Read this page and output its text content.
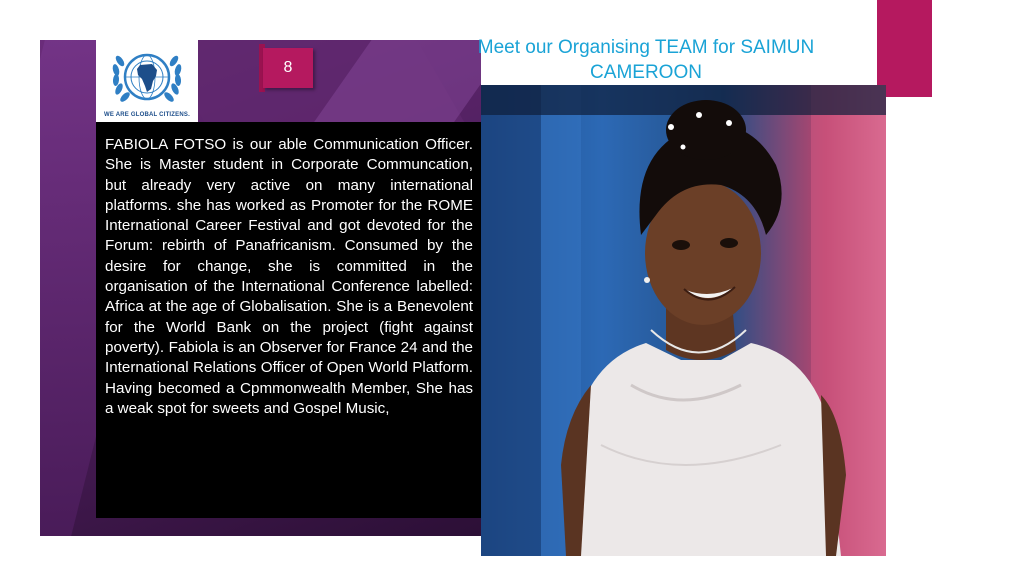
WE ARE GLOBAL CITIZENS.
8
Meet our Organising TEAM for SAIMUN CAMEROON

FABIOLA FOTSO is our able Communication Officer. She is Master student in Corporate Communcation, but already very active on many international platforms. she has worked as Promoter for the ROME International Career Festival and got devoted for the Forum: rebirth of Panafricanism. Consumed by the desire for change, she is committed in the organisation of the International Conference labelled: Africa at the age of Globalisation. She is a Benevolent for the World Bank on the project (fight against poverty). Fabiola is an Observer for France 24 and the International Relations Officer of Open World Platform. Having becomed a Cpmmonwealth Member, She has a weak spot for sweets and Gospel Music,
